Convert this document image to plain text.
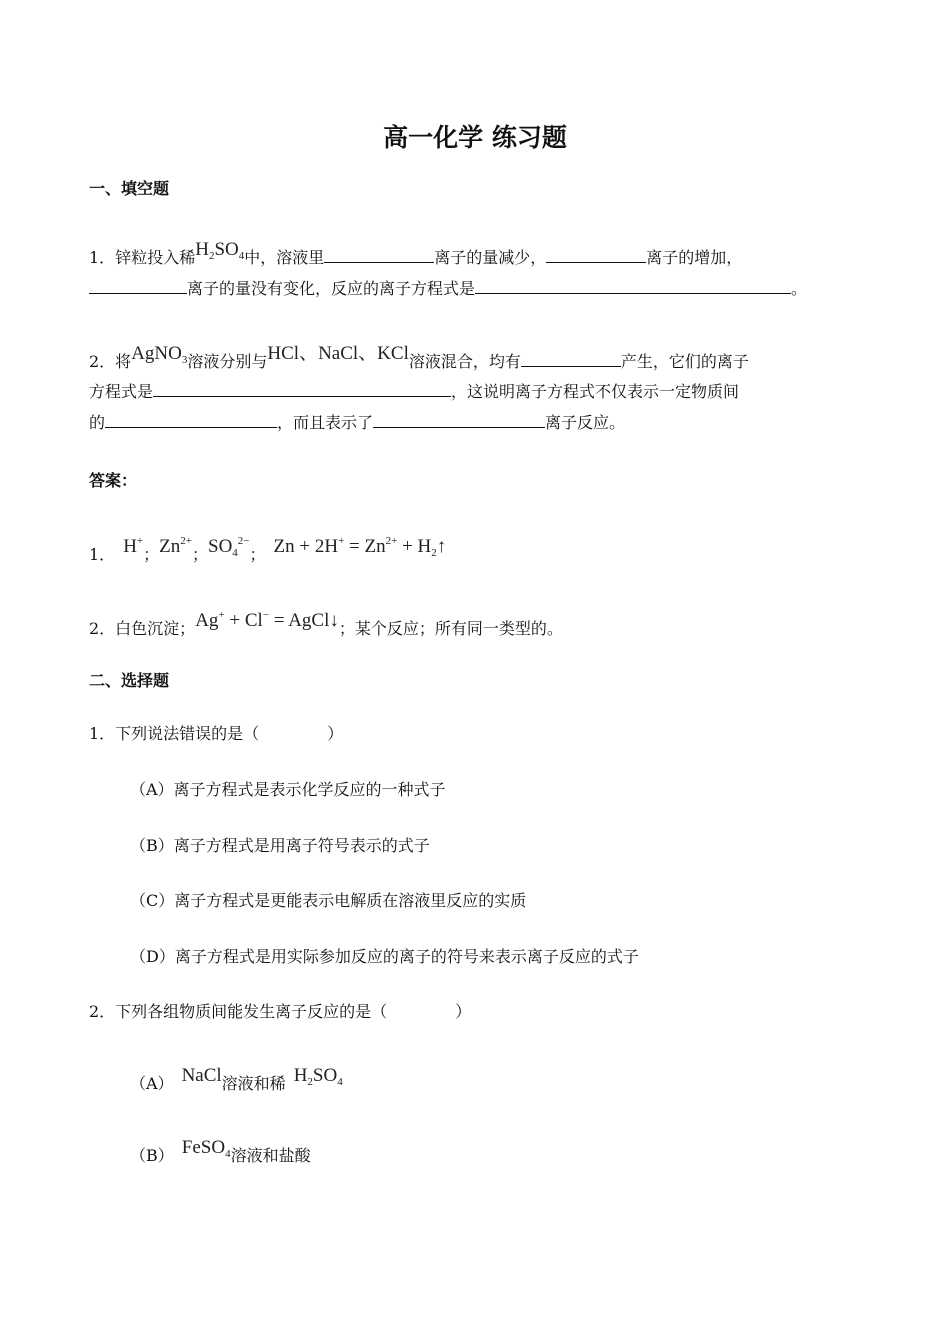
高一化学 练习题
一、填空题
1．锌粒投入稀$H_2SO_4$中，溶液里	离子的量减少，	离子的增加，
离子的量没有变化，反应的离子方程式是	。
2．将AgNO$_3$溶液分别与HCl、NaCl、KCl溶液混合，均有	产生，它们的离子
方程式是	，这说明离子方程式不仅表示一定物质间
的	，而且表示了	离子反应。
答案：
1． H+；$Zn^{2+}$；$SO_4^{2-}$； $Zn + 2H^+ = Zn^{2+}$ + $H_2↑$
2．白色沉淀；Ag+ + Cl− = AgCl↓；某个反应；所有同一类型的。
二、选择题
1．下列说法错误的是（	）
（A）离子方程式是表示化学反应的一种式子
（B）离子方程式是用离子符号表示的式子
（C）离子方程式是更能表示电解质在溶液里反应的实质
（D）离子方程式是用实际参加反应的离子的符号来表示离子反应的式子
2．下列各组物质间能发生离子反应的是（	）
（A） NaCl溶液和稀 $H_2SO_4$
（B） FeSO$_4$溶液和盐酸
